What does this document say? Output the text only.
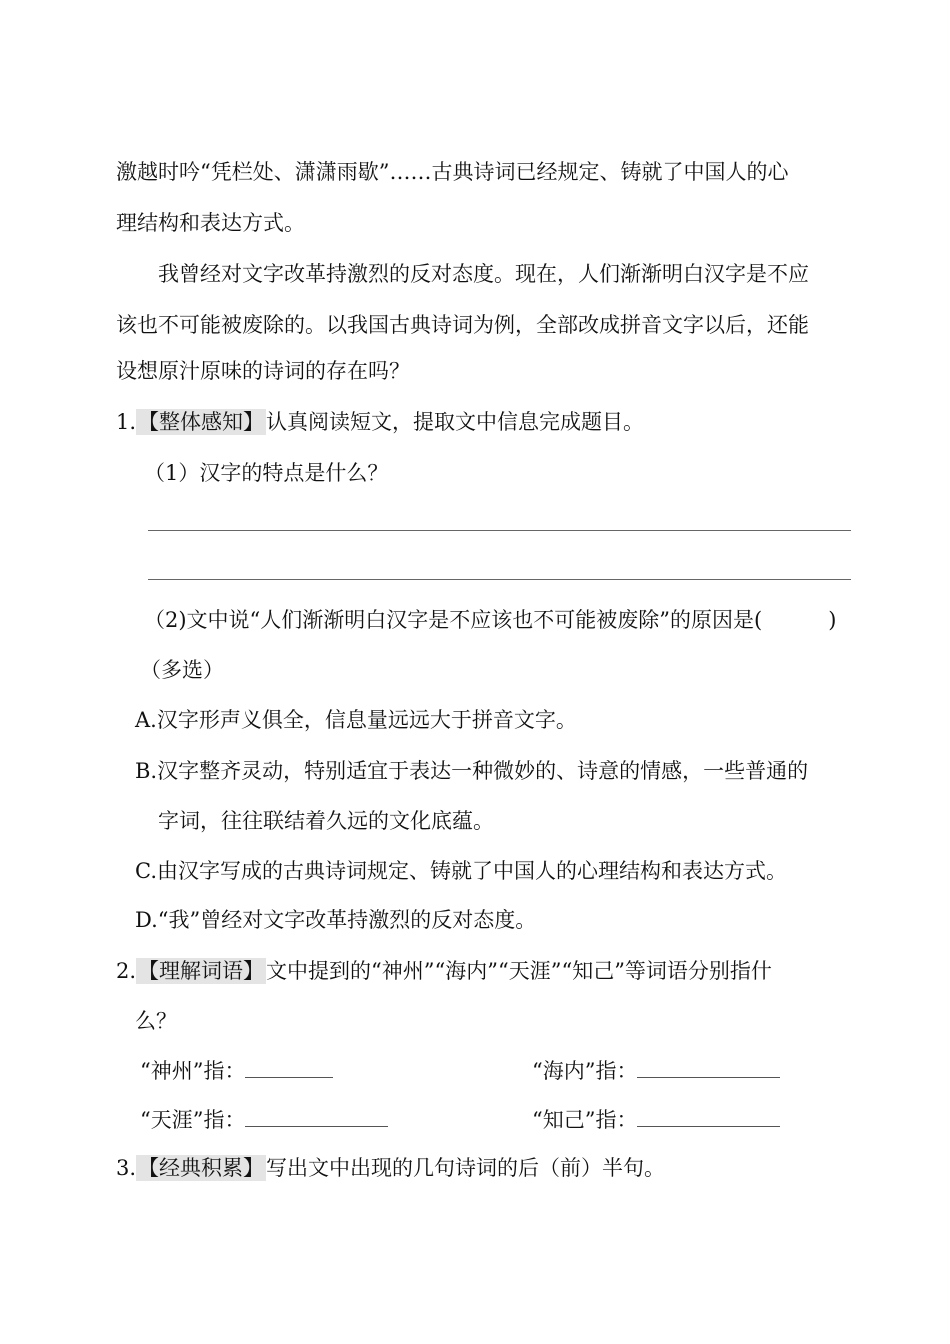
激越时吟“凭栏处、潇潇雨歇”……古典诗词已经规定、铸就了中国人的心
理结构和表达方式。
我曾经对文字改革持激烈的反对态度。现在，人们渐渐明白汉字是不应
该也不可能被废除的。以我国古典诗词为例，全部改成拼音文字以后，还能
设想原汁原味的诗词的存在吗？
1.【整体感知】认真阅读短文，提取文中信息完成题目。
（1）汉字的特点是什么？
（2)文中说“人们渐渐明白汉字是不应该也不可能被废除”的原因是(	)
（多选）
A.汉字形声义俱全，信息量远远大于拼音文字。
B.汉字整齐灵动，特别适宜于表达一种微妙的、诗意的情感，一些普通的
字词，往往联结着久远的文化底蕴。
C.由汉字写成的古典诗词规定、铸就了中国人的心理结构和表达方式。
D.“我”曾经对文字改革持激烈的反对态度。
2.【理解词语】文中提到的“神州”“海内”“天涯”“知己”等词语分别指什
么？
“神州”指：	“海内”指：
“天涯”指：	“知己”指：
3.【经典积累】写出文中出现的几句诗词的后（前）半句。
